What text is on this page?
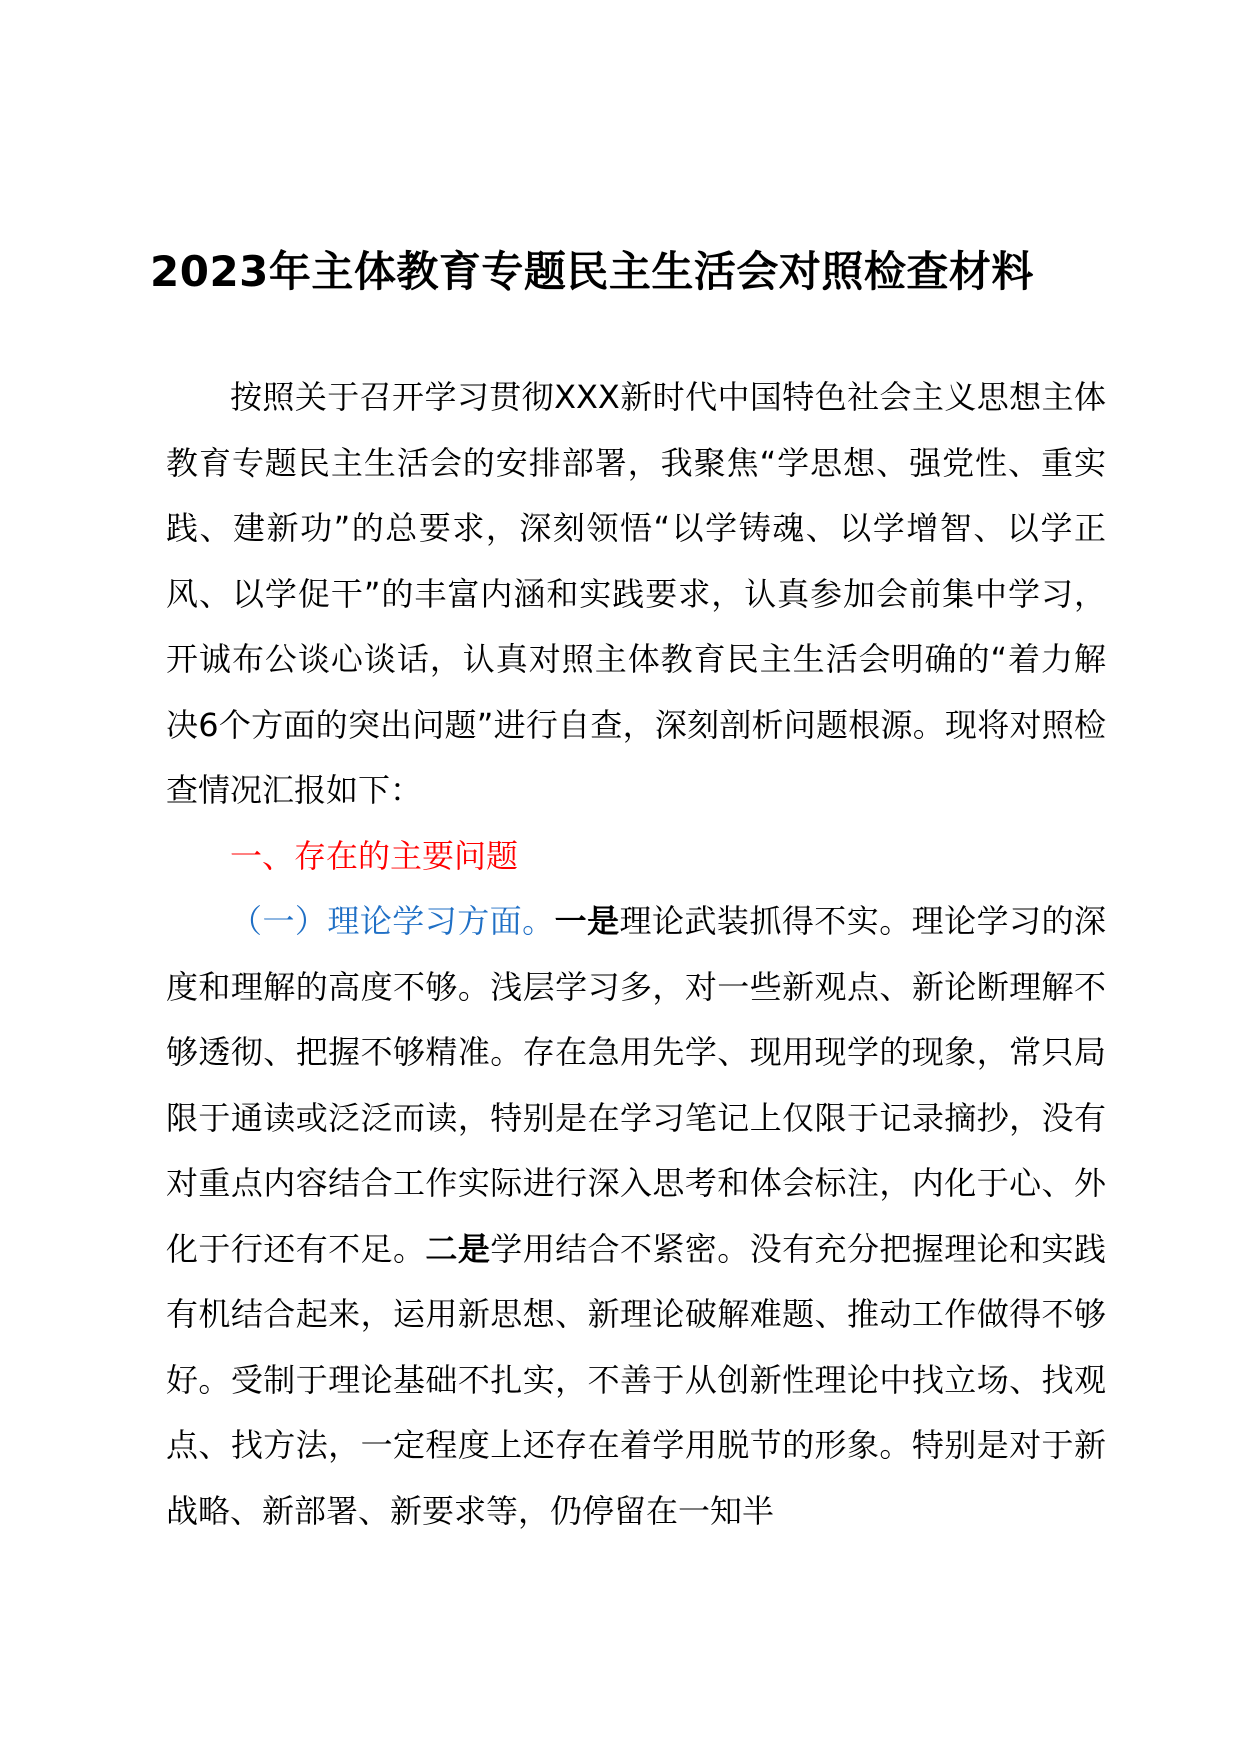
2023年主体教育专题民主生活会对照检查材料

按照关于召开学习贯彻XXX新时代中国特色社会主义思想主体教育专题民主生活会的安排部署，我聚焦“学思想、强党性、重实践、建新功”的总要求，深刻领悟“以学铸魂、以学增智、以学正风、以学促干”的丰富内涵和实践要求，认真参加会前集中学习，开诚布公谈心谈话，认真对照主体教育民主生活会明确的“着力解决6个方面的突出问题”进行自查，深刻剖析问题根源。现将对照检查情况汇报如下：

一、存在的主要问题

（一）理论学习方面。一是理论武装抓得不实。理论学习的深度和理解的高度不够。浅层学习多，对一些新观点、新论断理解不够透彻、把握不够精准。存在急用先学、现用现学的现象，常只局限于通读或泛泛而读，特别是在学习笔记上仅限于记录摘抄，没有对重点内容结合工作实际进行深入思考和体会标注，内化于心、外化于行还有不足。二是学用结合不紧密。没有充分把握理论和实践有机结合起来，运用新思想、新理论破解难题、推动工作做得不够好。受制于理论基础不扎实，不善于从创新性理论中找立场、找观点、找方法，一定程度上还存在着学用脱节的形象。特别是对于新战略、新部署、新要求等，仍停留在一知半
